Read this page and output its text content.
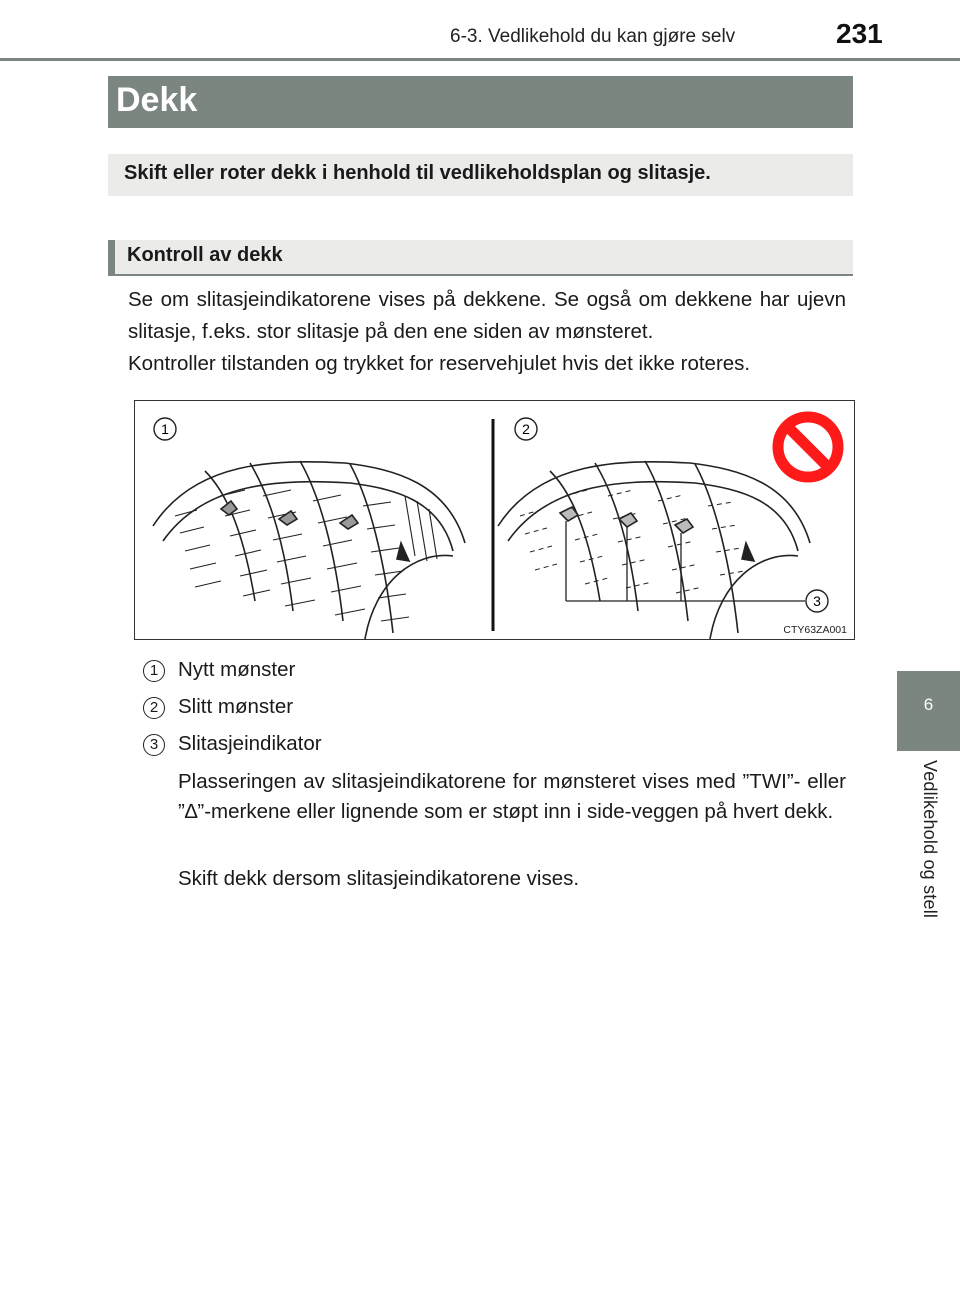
6-3. Vedlikehold du kan gjøre selv	231
6
Vedlikehold og stell
Dekk
Skift eller roter dekk i henhold til vedlikeholdsplan og slitasje.
Kontroll av dekk
Se om slitasjeindikatorene vises på dekkene. Se også om dekkene har ujevn slitasje, f.eks. stor slitasje på den ene siden av mønsteret.
Kontroller tilstanden og trykket for reservehjulet hvis det ikke roteres.
1	2
3
CTY63ZA001
1 Nytt mønster
2 Slitt mønster
3 Slitasjeindikator
Plasseringen av slitasjeindikatorene for mønsteret vises med ”TWI”- eller ”∆”-merkene eller lignende som er støpt inn i side-veggen på hvert dekk.
Skift dekk dersom slitasjeindikatorene vises.
